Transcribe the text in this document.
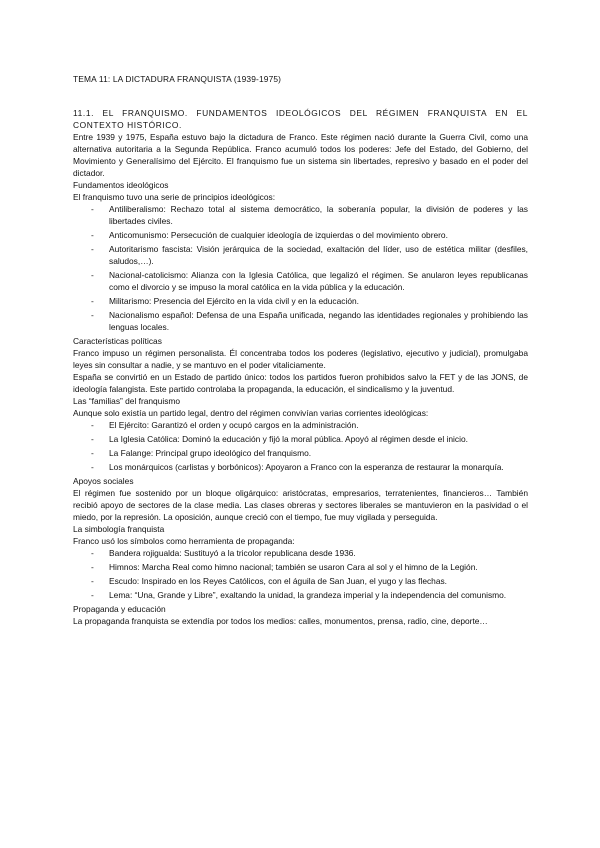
TEMA 11: LA DICTADURA FRANQUISTA (1939-1975)

11.1. EL FRANQUISMO. FUNDAMENTOS IDEOLÓGICOS DEL RÉGIMEN FRANQUISTA EN EL CONTEXTO HISTÓRICO.

Entre 1939 y 1975, España estuvo bajo la dictadura de Franco. Este régimen nació durante la Guerra Civil, como una alternativa autoritaria a la Segunda República. Franco acumuló todos los poderes: Jefe del Estado, del Gobierno, del Movimiento y Generalísimo del Ejército. El franquismo fue un sistema sin libertades, represivo y basado en el poder del dictador.

Fundamentos ideológicos

El franquismo tuvo una serie de principios ideológicos:

- Antiliberalismo: Rechazo total al sistema democrático, la soberanía popular, la división de poderes y las libertades civiles.
- Anticomunismo: Persecución de cualquier ideología de izquierdas o del movimiento obrero.
- Autoritarismo fascista: Visión jerárquica de la sociedad, exaltación del líder, uso de estética militar (desfiles, saludos,…).
- Nacional-catolicismo: Alianza con la Iglesia Católica, que legalizó el régimen. Se anularon leyes republicanas como el divorcio y se impuso la moral católica en la vida pública y la educación.
- Militarismo: Presencia del Ejército en la vida civil y en la educación.
- Nacionalismo español: Defensa de una España unificada, negando las identidades regionales y prohibiendo las lenguas locales.
Características políticas

Franco impuso un régimen personalista. Él concentraba todos los poderes (legislativo, ejecutivo y judicial), promulgaba leyes sin consultar a nadie, y se mantuvo en el poder vitaliciamente.

España se convirtió en un Estado de partido único: todos los partidos fueron prohibidos salvo la FET y de las JONS, de ideología falangista. Este partido controlaba la propaganda, la educación, el sindicalismo y la juventud.

Las “familias” del franquismo

Aunque solo existía un partido legal, dentro del régimen convivían varias corrientes ideológicas:

- El Ejército: Garantizó el orden y ocupó cargos en la administración.
- La Iglesia Católica: Dominó la educación y fijó la moral pública. Apoyó al régimen desde el inicio.
- La Falange: Principal grupo ideológico del franquismo.
- Los monárquicos (carlistas y borbónicos): Apoyaron a Franco con la esperanza de restaurar la monarquía.
Apoyos sociales

El régimen fue sostenido por un bloque oligárquico: aristócratas, empresarios, terratenientes, financieros… También recibió apoyo de sectores de la clase media. Las clases obreras y sectores liberales se mantuvieron en la pasividad o el miedo, por la represión. La oposición, aunque creció con el tiempo, fue muy vigilada y perseguida.

La simbología franquista

Franco usó los símbolos como herramienta de propaganda:

- Bandera rojigualda: Sustituyó a la tricolor republicana desde 1936.
- Himnos: Marcha Real como himno nacional; también se usaron Cara al sol y el himno de la Legión.
- Escudo: Inspirado en los Reyes Católicos, con el águila de San Juan, el yugo y las flechas.
- Lema: “Una, Grande y Libre”, exaltando la unidad, la grandeza imperial y la independencia del comunismo.
Propaganda y educación

La propaganda franquista se extendía por todos los medios: calles, monumentos, prensa, radio, cine, deporte…
